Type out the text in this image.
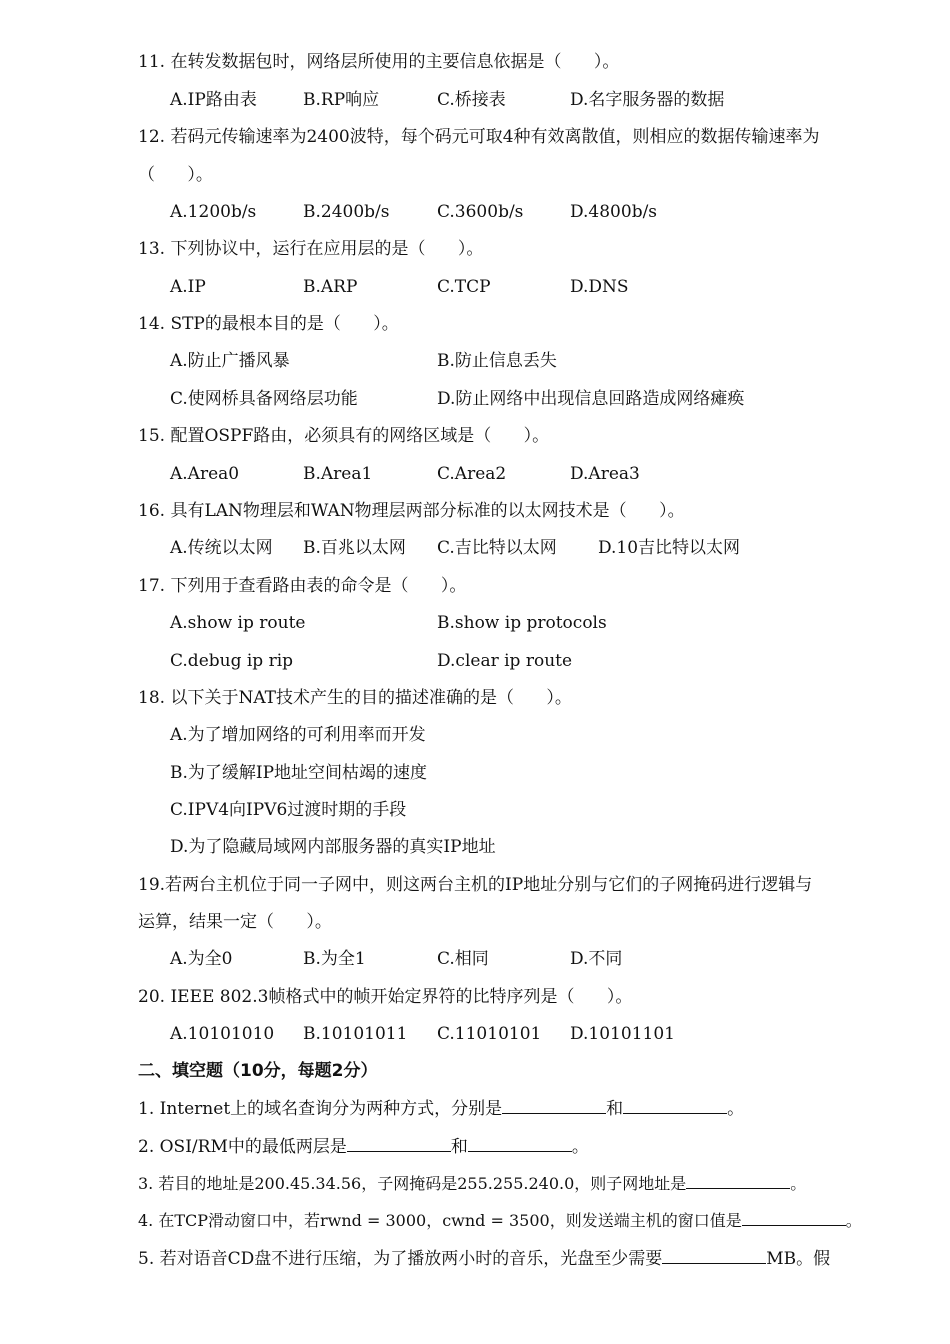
11. 在转发数据包时，网络层所使用的主要信息依据是（      ）。
A.IP路由表	B.RP响应	C.桥接表	D.名字服务器的数据
12. 若码元传输速率为2400波特，每个码元可取4种有效离散值，则相应的数据传输速率为
（      ）。
A.1200b/s	B.2400b/s	C.3600b/s	D.4800b/s
13. 下列协议中，运行在应用层的是（      ）。
A.IP	B.ARP	C.TCP	D.DNS
14. STP的最根本目的是（      ）。
A.防止广播风暴	B.防止信息丢失
C.使网桥具备网络层功能	D.防止网络中出现信息回路造成网络瘫痪
15. 配置OSPF路由，必须具有的网络区域是（      ）。
A.Area0	B.Area1	C.Area2	D.Area3
16. 具有LAN物理层和WAN物理层两部分标准的以太网技术是（      ）。
A.传统以太网 B.百兆以太网 C.吉比特以太网 D.10吉比特以太网
17. 下列用于查看路由表的命令是（      ）。
A.show ip route	B.show ip protocols
C.debug ip rip	D.clear ip route
18. 以下关于NAT技术产生的目的描述准确的是（      ）。
A.为了增加网络的可利用率而开发
B.为了缓解IP地址空间枯竭的速度
C.IPV4向IPV6过渡时期的手段
D.为了隐藏局域网内部服务器的真实IP地址
19.若两台主机位于同一子网中，则这两台主机的IP地址分别与它们的子网掩码进行逻辑与
运算，结果一定（      ）。
A.为全0	B.为全1	C.相同	D.不同
20. IEEE 802.3帧格式中的帧开始定界符的比特序列是（      ）。
A.10101010 B.10101011 C.11010101 D.10101101
二、填空题（10分，每题2分）
1. Internet上的域名查询分为两种方式，分别是	和	。
2. OSI/RM中的最低两层是	和	。
3. 若目的地址是200.45.34.56，子网掩码是255.255.240.0，则子网地址是	。
4. 在TCP滑动窗口中，若rwnd = 3000，cwnd = 3500，则发送端主机的窗口值是	。
5. 若对语音CD盘不进行压缩，为了播放两小时的音乐，光盘至少需要	MB。假
